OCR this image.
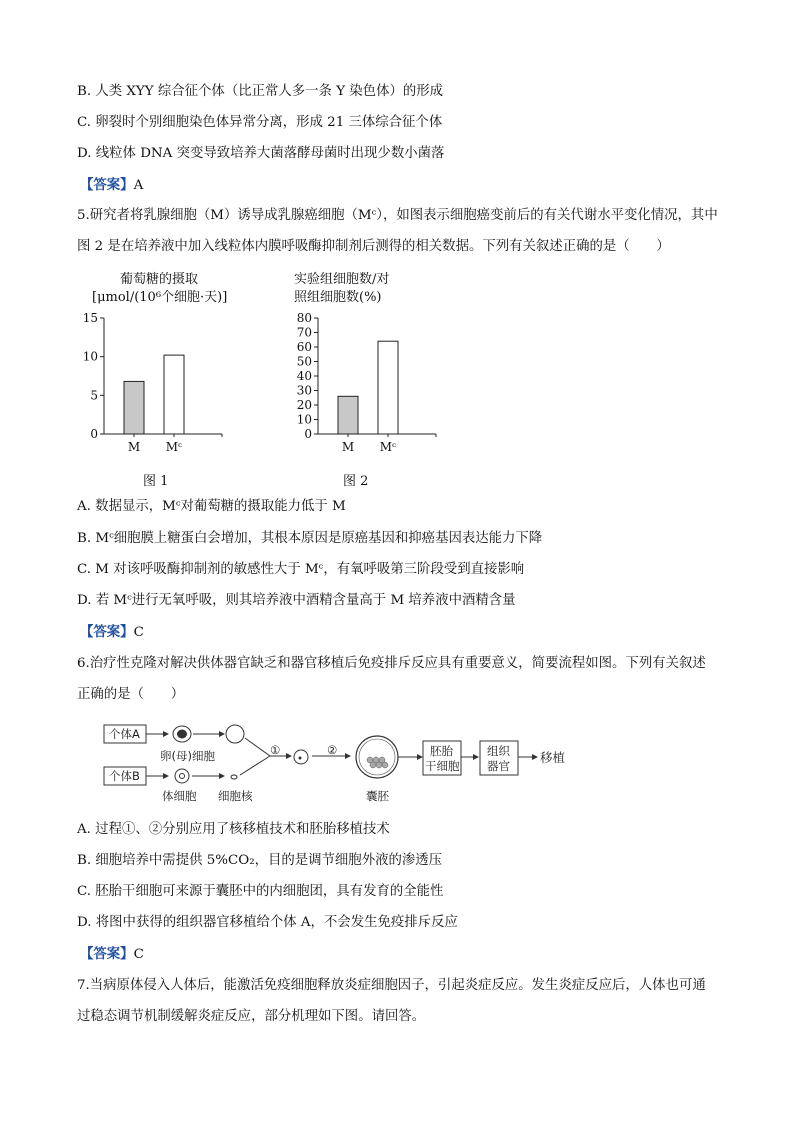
B. 人类 XYY 综合征个体（比正常人多一条 Y 染色体）的形成
C. 卵裂时个别细胞染色体异常分离，形成 21 三体综合征个体
D. 线粒体 DNA 突变导致培养大菌落酵母菌时出现少数小菌落
【答案】A
5.研究者将乳腺细胞（M）诱导成乳腺癌细胞（Mᶜ），如图表示细胞癌变前后的有关代谢水平变化情况，其中
图 2 是在培养液中加入线粒体内膜呼吸酶抑制剂后测得的相关数据。下列有关叙述正确的是（　　）
葡萄糖的摄取
[μmol/(10⁶个细胞·天)]
0
5
10
15
M Mᶜ
图 1
实验组细胞数/对
照组细胞数(%)
0
10
20
30
40
50
60
70
80
M Mᶜ
图 2
A. 数据显示，Mᶜ对葡萄糖的摄取能力低于 M
B. Mᶜ细胞膜上糖蛋白会增加，其根本原因是原癌基因和抑癌基因表达能力下降
C. M 对该呼吸酶抑制剂的敏感性大于 Mᶜ，有氧呼吸第三阶段受到直接影响
D. 若 Mᶜ进行无氧呼吸，则其培养液中酒精含量高于 M 培养液中酒精含量
【答案】C
6.治疗性克隆对解决供体器官缺乏和器官移植后免疫排斥反应具有重要意义，简要流程如图。下列有关叙述
正确的是（　　）
个体A
卵(母)细胞
个体B
体细胞 细胞核
①	②
囊胚
胚胎
干细胞
组织
器官
移植
A. 过程①、②分别应用了核移植技术和胚胎移植技术
B. 细胞培养中需提供 5%CO₂，目的是调节细胞外液的渗透压
C. 胚胎干细胞可来源于囊胚中的内细胞团，具有发育的全能性
D. 将图中获得的组织器官移植给个体 A，不会发生免疫排斥反应
【答案】C
7.当病原体侵入人体后，能激活免疫细胞释放炎症细胞因子，引起炎症反应。发生炎症反应后，人体也可通
过稳态调节机制缓解炎症反应，部分机理如下图。请回答。
